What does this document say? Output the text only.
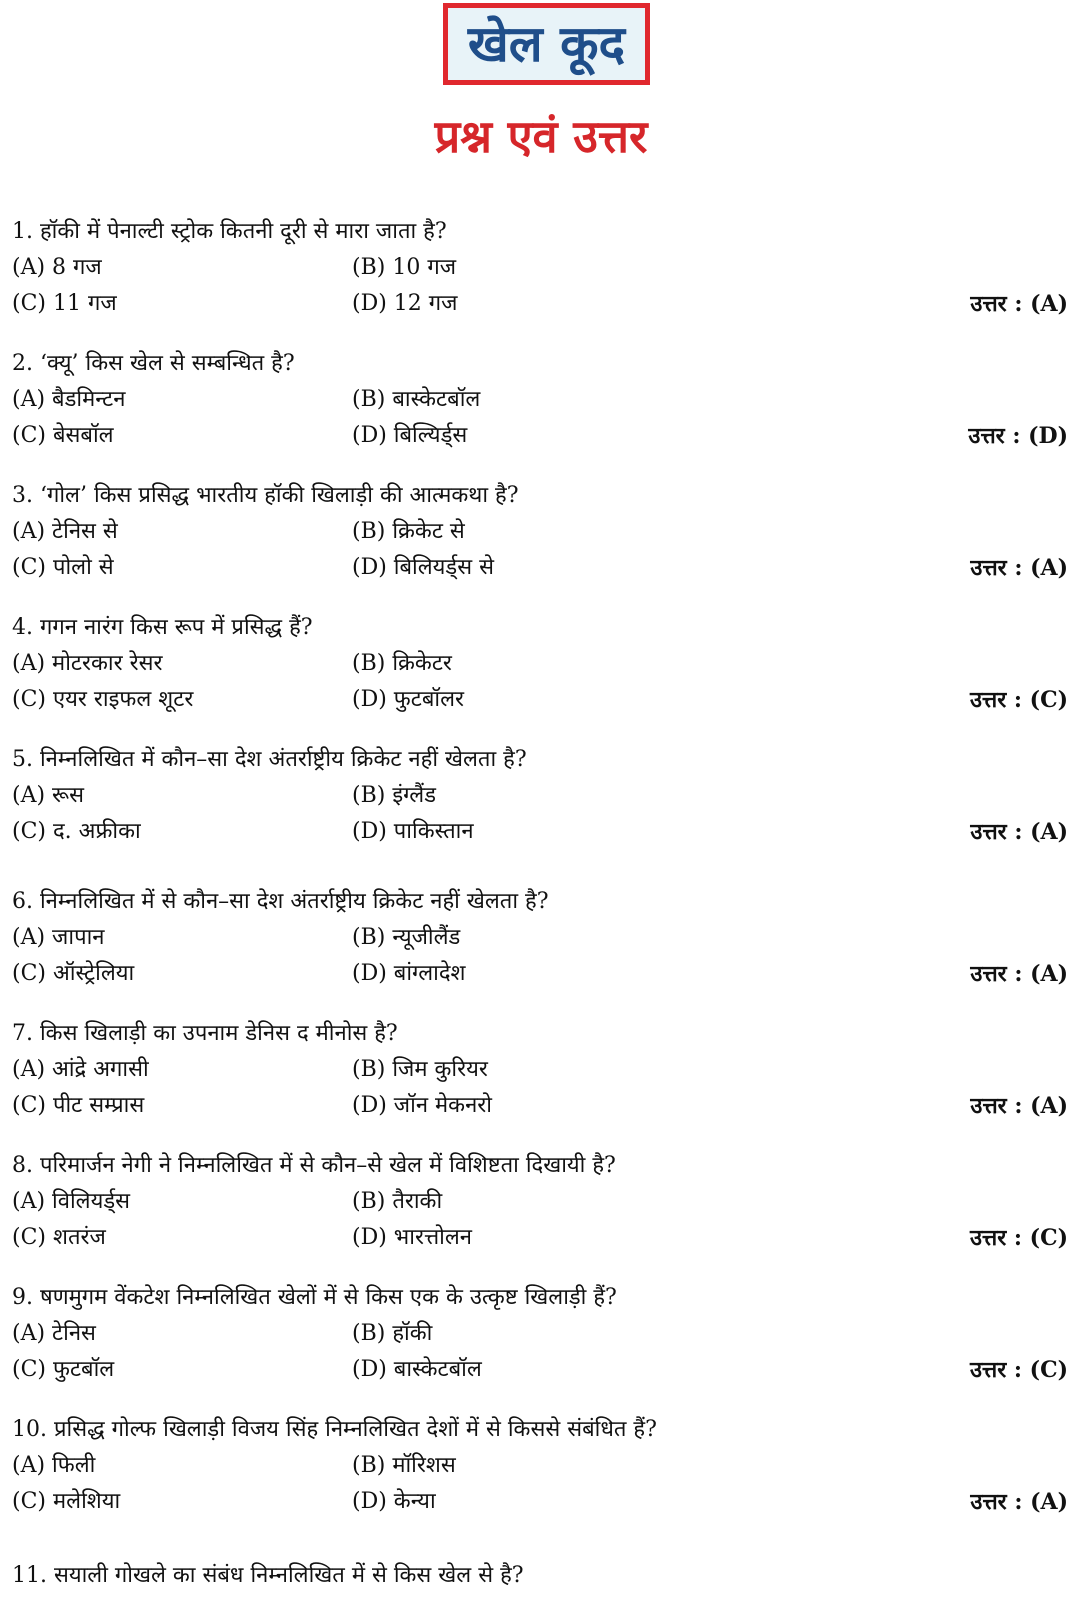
खेल कूद
प्रश्न एवं उत्तर
1. हॉकी में पेनाल्टी स्ट्रोक कितनी दूरी से मारा जाता है?
(A) 8 गज	(B) 10 गज
(C) 11 गज	(D) 12 गज	उत्तर : (A)
2. ‘क्यू’ किस खेल से सम्बन्धित है?
(A) बैडमिन्टन	(B) बास्केटबॉल
(C) बेसबॉल	(D) बिल्यिर्ड्स	उत्तर : (D)
3. ‘गोल’ किस प्रसिद्ध भारतीय हॉकी खिलाड़ी की आत्मकथा है?
(A) टेनिस से	(B) क्रिकेट से
(C) पोलो से	(D) बिलियर्ड्स से	उत्तर : (A)
4. गगन नारंग किस रूप में प्रसिद्ध हैं?
(A) मोटरकार रेसर	(B) क्रिकेटर
(C) एयर राइफल शूटर	(D) फुटबॉलर	उत्तर : (C)
5. निम्नलिखित में कौन–सा देश अंतर्राष्ट्रीय क्रिकेट नहीं खेलता है?
(A) रूस	(B) इंग्लैंड
(C) द. अफ्रीका	(D) पाकिस्तान	उत्तर : (A)
6. निम्नलिखित में से कौन–सा देश अंतर्राष्ट्रीय क्रिकेट नहीं खेलता है?
(A) जापान	(B) न्यूजीलैंड
(C) ऑस्ट्रेलिया	(D) बांग्लादेश	उत्तर : (A)
7. किस खिलाड़ी का उपनाम डेनिस द मीनोस है?
(A) आंद्रे अगासी	(B) जिम कुरियर
(C) पीट सम्प्रास	(D) जॉन मेकनरो	उत्तर : (A)
8. परिमार्जन नेगी ने निम्नलिखित में से कौन–से खेल में विशिष्टता दिखायी है?
(A) विलियर्ड्स	(B) तैराकी
(C) शतरंज	(D) भारत्तोलन	उत्तर : (C)
9. षणमुगम वेंकटेश निम्नलिखित खेलों में से किस एक के उत्कृष्ट खिलाड़ी हैं?
(A) टेनिस	(B) हॉकी
(C) फुटबॉल	(D) बास्केटबॉल	उत्तर : (C)
10. प्रसिद्ध गोल्फ खिलाड़ी विजय सिंह निम्नलिखित देशों में से किससे संबंधित हैं?
(A) फिली	(B) मॉरिशस
(C) मलेशिया	(D) केन्या	उत्तर : (A)
11. सयाली गोखले का संबंध निम्नलिखित में से किस खेल से है?
